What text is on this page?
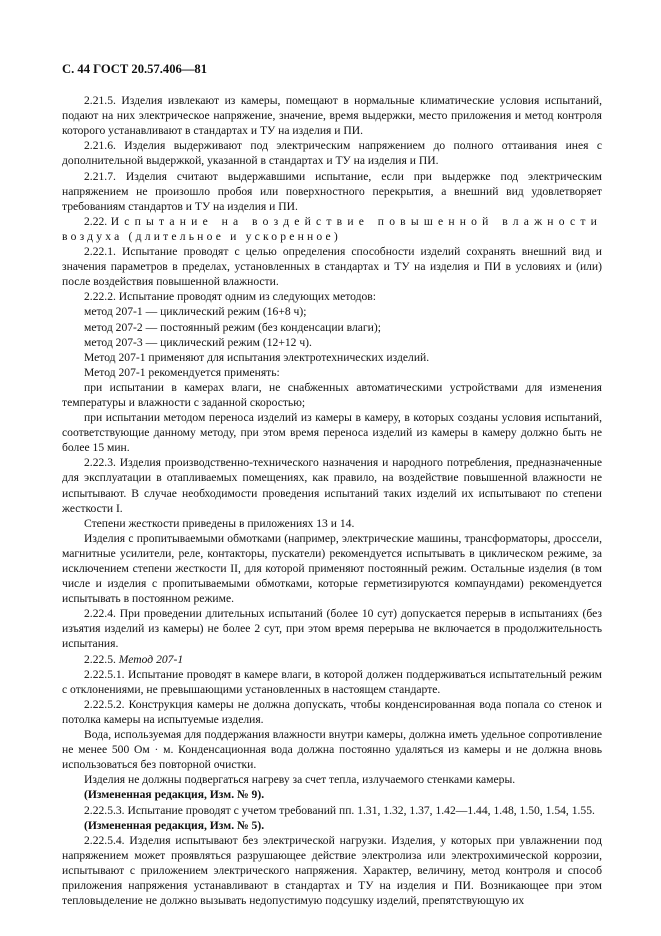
С. 44 ГОСТ 20.57.406—81

2.21.5. Изделия извлекают из камеры, помещают в нормальные климатические условия испытаний, подают на них электрическое напряжение, значение, время выдержки, место приложения и метод контроля которого устанавливают в стандартах и ТУ на изделия и ПИ.

2.21.6. Изделия выдерживают под электрическим напряжением до полного оттаивания инея с дополнительной выдержкой, указанной в стандартах и ТУ на изделия и ПИ.

2.21.7. Изделия считают выдержавшими испытание, если при выдержке под электрическим напряжением не произошло пробоя или поверхностного перекрытия, а внешний вид удовлетворяет требованиям стандартов и ТУ на изделия и ПИ.

2.22. Испытание на воздействие повышенной влажности

воздуха (длительное и ускоренное)

2.22.1. Испытание проводят с целью определения способности изделий сохранять внешний вид и значения параметров в пределах, установленных в стандартах и ТУ на изделия и ПИ в условиях и (или) после воздействия повышенной влажности.

2.22.2. Испытание проводят одним из следующих методов:

метод 207-1 — циклический режим (16+8 ч);

метод 207-2 — постоянный режим (без конденсации влаги);

метод 207-3 — циклический режим (12+12 ч).

Метод 207-1 применяют для испытания электротехнических изделий.

Метод 207-1 рекомендуется применять:

при испытании в камерах влаги, не снабженных автоматическими устройствами для изменения температуры и влажности с заданной скоростью;

при испытании методом переноса изделий из камеры в камеру, в которых созданы условия испытаний, соответствующие данному методу, при этом время переноса изделий из камеры в камеру должно быть не более 15 мин.

2.22.3. Изделия производственно-технического назначения и народного потребления, предназначенные для эксплуатации в отапливаемых помещениях, как правило, на воздействие повышенной влажности не испытывают. В случае необходимости проведения испытаний таких изделий их испытывают по степени жесткости I.

Степени жесткости приведены в приложениях 13 и 14.

Изделия с пропитываемыми обмотками (например, электрические машины, трансформаторы, дроссели, магнитные усилители, реле, контакторы, пускатели) рекомендуется испытывать в циклическом режиме, за исключением степени жесткости II, для которой применяют постоянный режим. Остальные изделия (в том числе и изделия с пропитываемыми обмотками, которые герметизируются компаундами) рекомендуется испытывать в постоянном режиме.

2.22.4. При проведении длительных испытаний (более 10 сут) допускается перерыв в испытаниях (без изъятия изделий из камеры) не более 2 сут, при этом время перерыва не включается в продолжительность испытания.

2.22.5. Метод 207-1

2.22.5.1. Испытание проводят в камере влаги, в которой должен поддерживаться испытательный режим с отклонениями, не превышающими установленных в настоящем стандарте.

2.22.5.2. Конструкция камеры не должна допускать, чтобы конденсированная вода попала со стенок и потолка камеры на испытуемые изделия.

Вода, используемая для поддержания влажности внутри камеры, должна иметь удельное сопротивление не менее 500 Ом · м. Конденсационная вода должна постоянно удаляться из камеры и не должна вновь использоваться без повторной очистки.

Изделия не должны подвергаться нагреву за счет тепла, излучаемого стенками камеры.

(Измененная редакция, Изм. № 9).

2.22.5.3. Испытание проводят с учетом требований пп. 1.31, 1.32, 1.37, 1.42—1.44, 1.48, 1.50, 1.54, 1.55.

(Измененная редакция, Изм. № 5).

2.22.5.4. Изделия испытывают без электрической нагрузки. Изделия, у которых при увлажнении под напряжением может проявляться разрушающее действие электролиза или электрохимической коррозии, испытывают с приложением электрического напряжения. Характер, величину, метод контроля и способ приложения напряжения устанавливают в стандартах и ТУ на изделия и ПИ. Возникающее при этом тепловыделение не должно вызывать недопустимую подсушку изделий, препятствующую их
